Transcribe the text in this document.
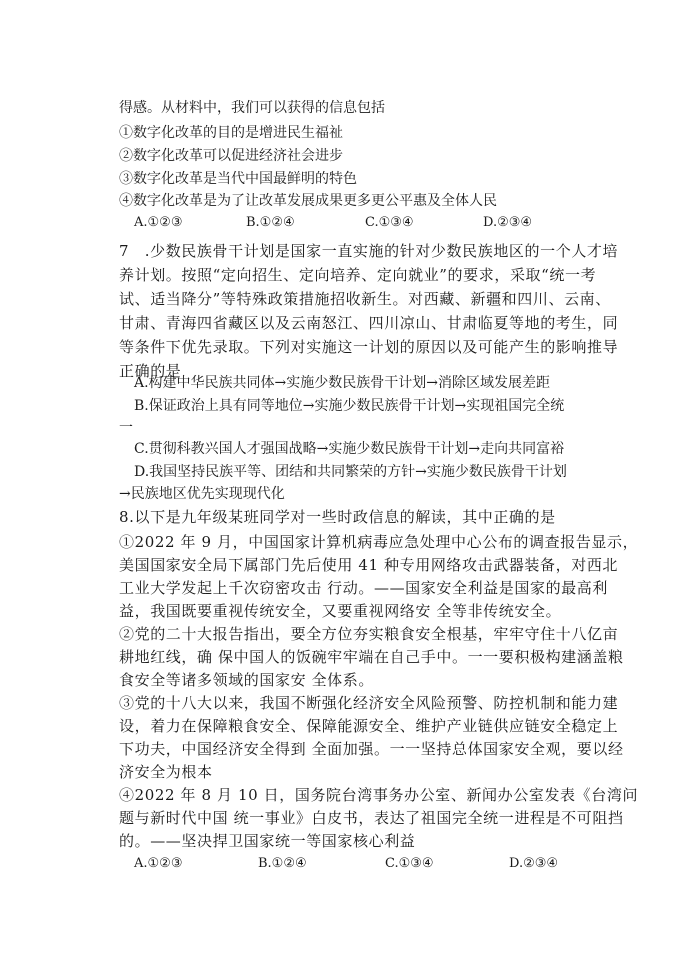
得感。从材料中，我们可以获得的信息包括
①数字化改革的目的是增进民生福祉
②数字化改革可以促进经济社会进步
③数字化改革是当代中国最鲜明的特色
④数字化改革是为了让改革发展成果更多更公平惠及全体人民
A.①②③	B.①②④	C.①③④	D.②③④
7　.少数民族骨干计划是国家一直实施的针对少数民族地区的一个人才培
养计划。按照“定向招生、定向培养、定向就业”的要求，采取“统一考
试、适当降分”等特殊政策措施招收新生。对西藏、新疆和四川、云南、
甘肃、青海四省藏区以及云南怒江、四川凉山、甘肃临夏等地的考生，同
等条件下优先录取。下列对实施这一计划的原因以及可能产生的影响推导
正确的是
A.构建中华民族共同体→实施少数民族骨干计划→消除区域发展差距
B.保证政治上具有同等地位→实施少数民族骨干计划→实现祖国完全统
一
C.贯彻科教兴国人才强国战略→实施少数民族骨干计划→走向共同富裕
D.我国坚持民族平等、团结和共同繁荣的方针→实施少数民族骨干计划
→民族地区优先实现现代化
8.以下是九年级某班同学对一些时政信息的解读，其中正确的是
①2022 年 9 月，中国国家计算机病毒应急处理中心公布的调查报告显示，
美国国家安全局下属部门先后使用 41 种专用网络攻击武器装备，对西北
工业大学发起上千次窃密攻击 行动。——国家安全利益是国家的最高利
益，我国既要重视传统安全，又要重视网络安 全等非传统安全。
②党的二十大报告指出，要全方位夯实粮食安全根基，牢牢守住十八亿亩
耕地红线，确 保中国人的饭碗牢牢端在自己手中。一一要积极构建涵盖粮
食安全等诸多领域的国家安 全体系。
③党的十八大以来，我国不断强化经济安全风险预警、防控机制和能力建
设，着力在保障粮食安全、保障能源安全、维护产业链供应链安全稳定上
下功夫，中国经济安全得到 全面加强。一一坚持总体国家安全观，要以经
济安全为根本
④2022 年 8 月 10 日，国务院台湾事务办公室、新闻办公室发表《台湾问
题与新时代中国 统一事业》白皮书，表达了祖国完全统一进程是不可阻挡
的。——坚决捍卫国家统一等国家核心利益
A.①②③	B.①②④	C.①③④	D.②③④
